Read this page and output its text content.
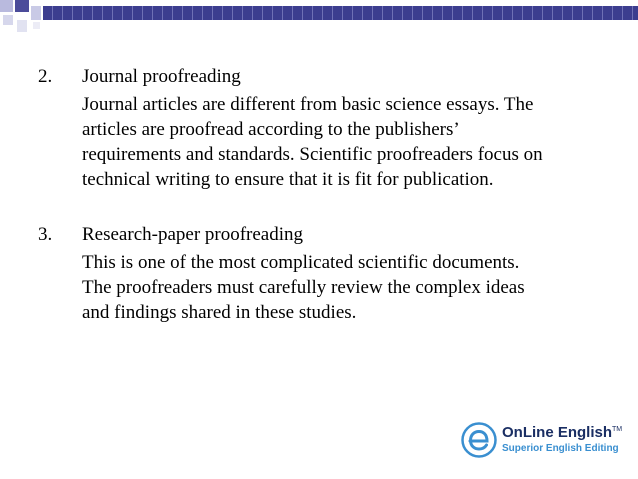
2. Journal proofreading
Journal articles are different from basic science essays. The
articles are proofread according to the publishers’
requirements and standards. Scientific proofreaders focus on
technical writing to ensure that it is fit for publication.
3. Research-paper proofreading
This is one of the most complicated scientific documents.
The proofreaders must carefully review the complex ideas
and findings shared in these studies.
OnLine English™
Superior English Editing
